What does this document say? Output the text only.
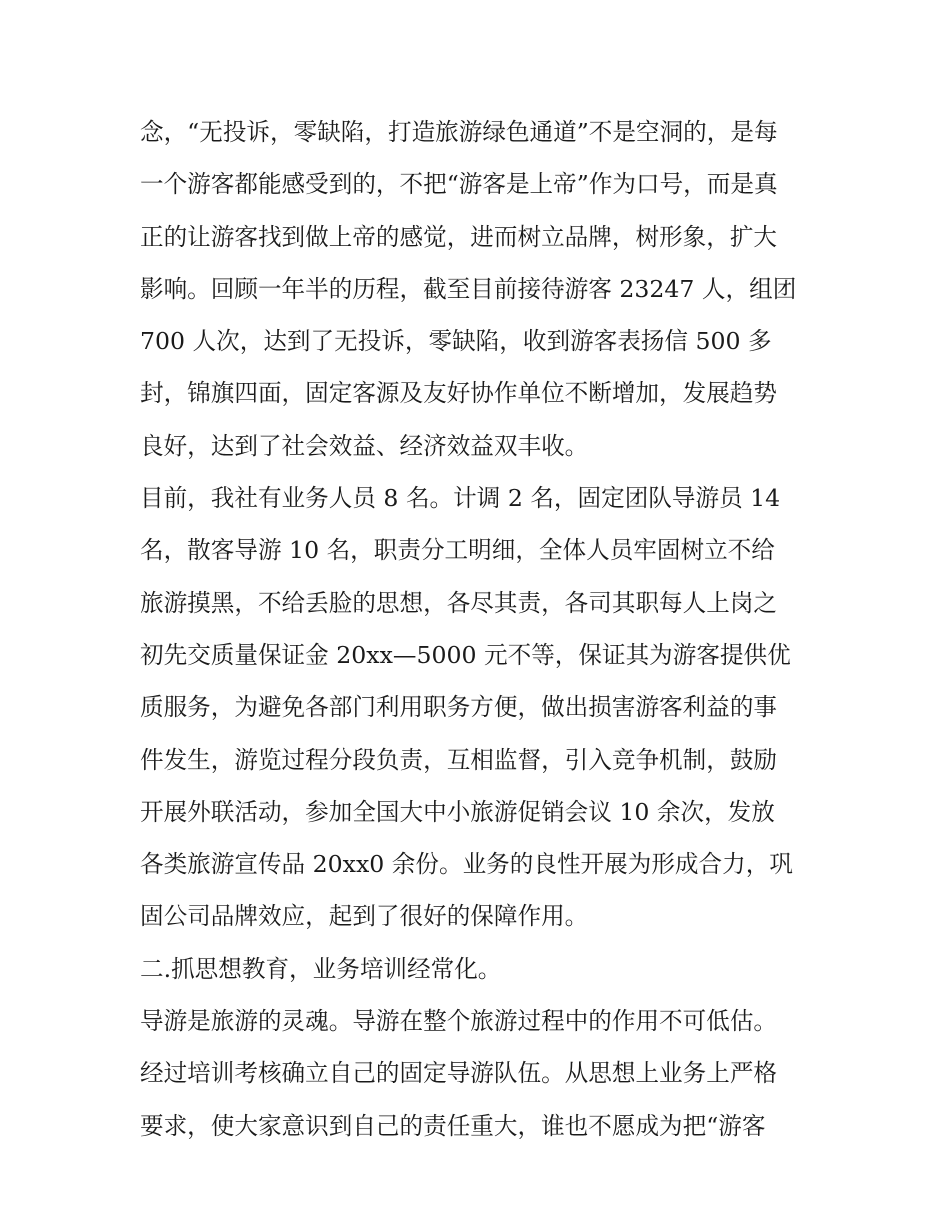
念，“无投诉，零缺陷，打造旅游绿色通道”不是空洞的，是每
一个游客都能感受到的，不把“游客是上帝”作为口号，而是真
正的让游客找到做上帝的感觉，进而树立品牌，树形象，扩大
影响。回顾一年半的历程，截至目前接待游客 23247 人，组团
700 人次，达到了无投诉，零缺陷，收到游客表扬信 500 多
封，锦旗四面，固定客源及友好协作单位不断增加，发展趋势
良好，达到了社会效益、经济效益双丰收。
目前，我社有业务人员 8 名。计调 2 名，固定团队导游员 14
名，散客导游 10 名，职责分工明细，全体人员牢固树立不给
旅游摸黑，不给丢脸的思想，各尽其责，各司其职每人上岗之
初先交质量保证金 20xx—5000 元不等，保证其为游客提供优
质服务，为避免各部门利用职务方便，做出损害游客利益的事
件发生，游览过程分段负责，互相监督，引入竞争机制，鼓励
开展外联活动，参加全国大中小旅游促销会议 10 余次，发放
各类旅游宣传品 20xx0 余份。业务的良性开展为形成合力，巩
固公司品牌效应，起到了很好的保障作用。
二.抓思想教育，业务培训经常化。
导游是旅游的灵魂。导游在整个旅游过程中的作用不可低估。
经过培训考核确立自己的固定导游队伍。从思想上业务上严格
要求，使大家意识到自己的责任重大，谁也不愿成为把“游客
